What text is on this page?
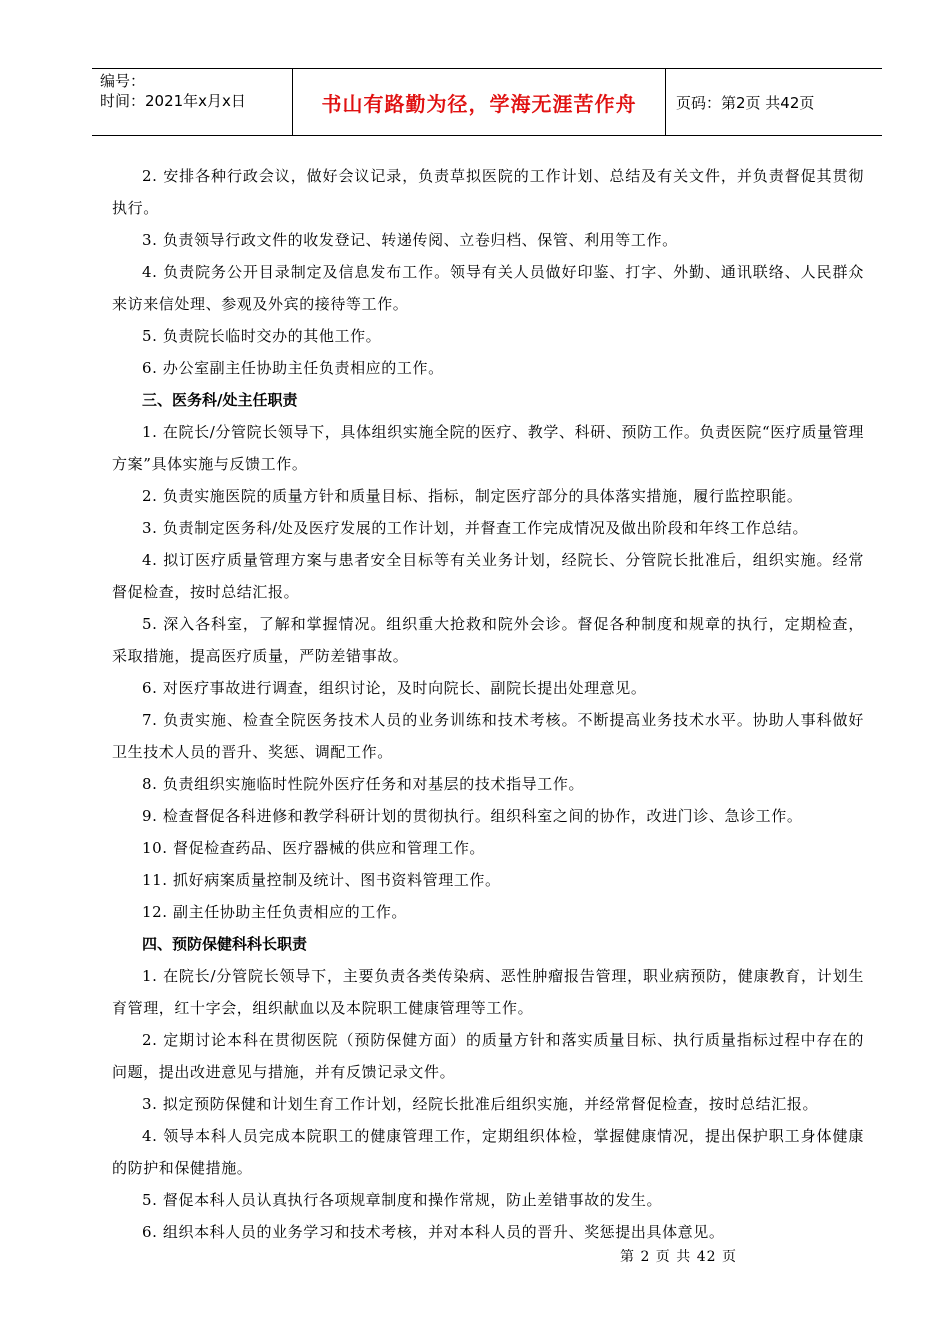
编号：
时间：2021年x月x日	书山有路勤为径，学海无涯苦作舟	页码：第2页 共42页

2. 安排各种行政会议，做好会议记录，负责草拟医院的工作计划、总结及有关文件，并负责督促其贯彻执行。

3. 负责领导行政文件的收发登记、转递传阅、立卷归档、保管、利用等工作。

4. 负责院务公开目录制定及信息发布工作。领导有关人员做好印鉴、打字、外勤、通讯联络、人民群众来访来信处理、参观及外宾的接待等工作。

5. 负责院长临时交办的其他工作。

6. 办公室副主任协助主任负责相应的工作。

三、医务科/处主任职责

1. 在院长/分管院长领导下，具体组织实施全院的医疗、教学、科研、预防工作。负责医院“医疗质量管理方案”具体实施与反馈工作。

2. 负责实施医院的质量方针和质量目标、指标，制定医疗部分的具体落实措施，履行监控职能。

3. 负责制定医务科/处及医疗发展的工作计划，并督查工作完成情况及做出阶段和年终工作总结。

4. 拟订医疗质量管理方案与患者安全目标等有关业务计划，经院长、分管院长批准后，组织实施。经常督促检查，按时总结汇报。

5. 深入各科室，了解和掌握情况。组织重大抢救和院外会诊。督促各种制度和规章的执行，定期检查，采取措施，提高医疗质量，严防差错事故。

6. 对医疗事故进行调查，组织讨论，及时向院长、副院长提出处理意见。

7. 负责实施、检查全院医务技术人员的业务训练和技术考核。不断提高业务技术水平。协助人事科做好卫生技术人员的晋升、奖惩、调配工作。

8. 负责组织实施临时性院外医疗任务和对基层的技术指导工作。

9. 检查督促各科进修和教学科研计划的贯彻执行。组织科室之间的协作，改进门诊、急诊工作。

10. 督促检查药品、医疗器械的供应和管理工作。

11. 抓好病案质量控制及统计、图书资料管理工作。

12. 副主任协助主任负责相应的工作。

四、预防保健科科长职责

1. 在院长/分管院长领导下，主要负责各类传染病、恶性肿瘤报告管理，职业病预防，健康教育，计划生育管理，红十字会，组织献血以及本院职工健康管理等工作。

2. 定期讨论本科在贯彻医院（预防保健方面）的质量方针和落实质量目标、执行质量指标过程中存在的问题，提出改进意见与措施，并有反馈记录文件。

3. 拟定预防保健和计划生育工作计划，经院长批准后组织实施，并经常督促检查，按时总结汇报。

4. 领导本科人员完成本院职工的健康管理工作，定期组织体检，掌握健康情况，提出保护职工身体健康的防护和保健措施。

5. 督促本科人员认真执行各项规章制度和操作常规，防止差错事故的发生。

6. 组织本科人员的业务学习和技术考核，并对本科人员的晋升、奖惩提出具体意见。

第 2 页 共 42 页
